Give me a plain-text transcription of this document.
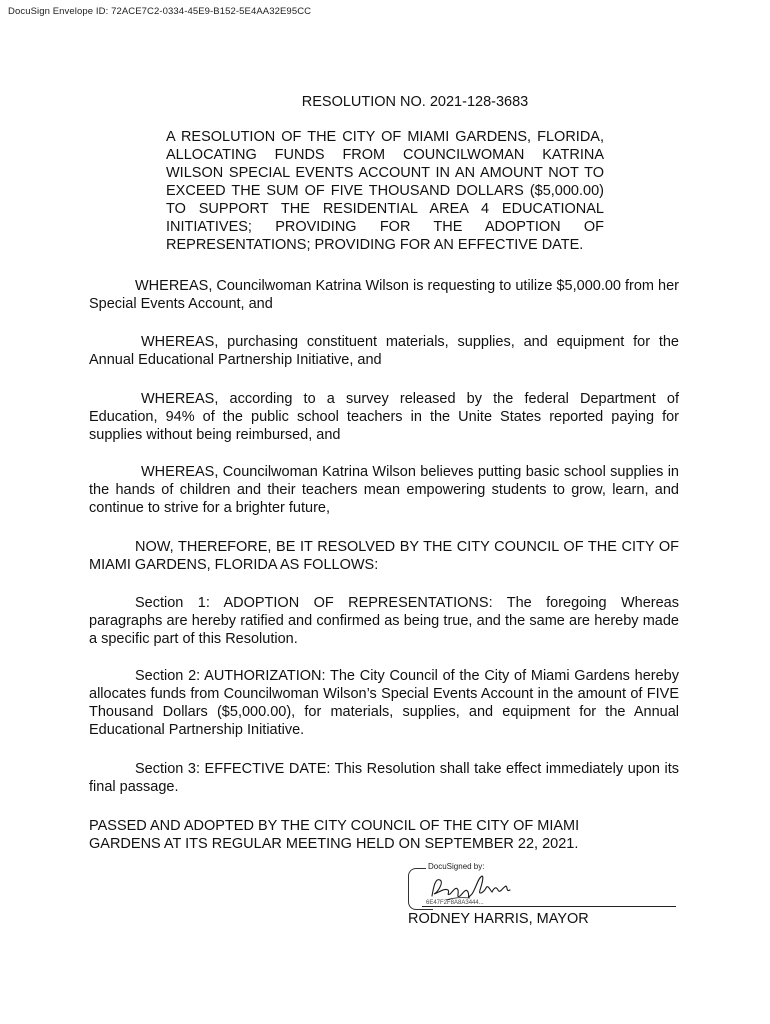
DocuSign Envelope ID: 72ACE7C2-0334-45E9-B152-5E4AA32E95CC
RESOLUTION NO. 2021-128-3683
A RESOLUTION OF THE CITY OF MIAMI GARDENS, FLORIDA, ALLOCATING FUNDS FROM COUNCILWOMAN KATRINA WILSON SPECIAL EVENTS ACCOUNT IN AN AMOUNT NOT TO EXCEED THE SUM OF FIVE THOUSAND DOLLARS ($5,000.00) TO SUPPORT THE RESIDENTIAL AREA 4 EDUCATIONAL INITIATIVES; PROVIDING FOR THE ADOPTION OF REPRESENTATIONS; PROVIDING FOR AN EFFECTIVE DATE.

WHEREAS, Councilwoman Katrina Wilson is requesting to utilize $5,000.00 from her Special Events Account, and

WHEREAS, purchasing constituent materials, supplies, and equipment for the Annual Educational Partnership Initiative, and

WHEREAS, according to a survey released by the federal Department of Education, 94% of the public school teachers in the Unite States reported paying for supplies without being reimbursed, and

WHEREAS, Councilwoman Katrina Wilson believes putting basic school supplies in the hands of children and their teachers mean empowering students to grow, learn, and continue to strive for a brighter future,

NOW, THEREFORE, BE IT RESOLVED BY THE CITY COUNCIL OF THE CITY OF MIAMI GARDENS, FLORIDA AS FOLLOWS:

Section 1: ADOPTION OF REPRESENTATIONS: The foregoing Whereas paragraphs are hereby ratified and confirmed as being true, and the same are hereby made a specific part of this Resolution.

Section 2: AUTHORIZATION: The City Council of the City of Miami Gardens hereby allocates funds from Councilwoman Wilson’s Special Events Account in the amount of FIVE Thousand Dollars ($5,000.00), for materials, supplies, and equipment for the Annual Educational Partnership Initiative.

Section 3: EFFECTIVE DATE: This Resolution shall take effect immediately upon its final passage.

PASSED AND ADOPTED BY THE CITY COUNCIL OF THE CITY OF MIAMI GARDENS AT ITS REGULAR MEETING HELD ON SEPTEMBER 22, 2021.
DocuSigned by:
6E47F2F8A8A3444...
RODNEY HARRIS, MAYOR
